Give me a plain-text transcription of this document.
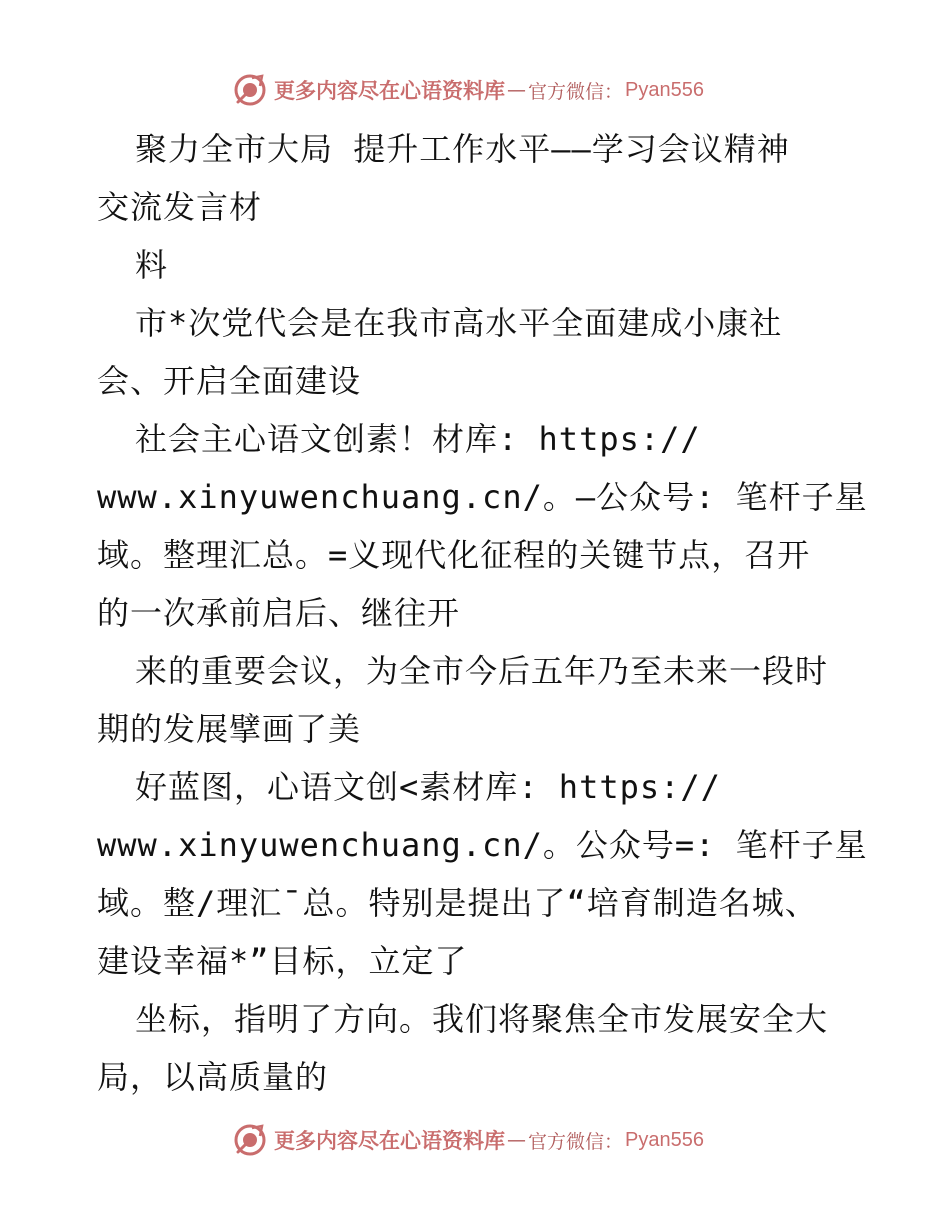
更多内容尽在心语资料库 — 官方微信： Pyan556
聚力全市大局 提升工作水平——学习会议精神
交流发言材
料
市*次党代会是在我市高水平全面建成小康社
会、开启全面建设
社会主心语文创素！材库: https://
www.xinyuwenchuang.cn/。—公众号: 笔杆子星
域。整理汇总。=义现代化征程的关键节点，召开
的一次承前启后、继往开
来的重要会议，为全市今后五年乃至未来一段时
期的发展擘画了美
好蓝图，心语文创<素材库: https://
www.xinyuwenchuang.cn/。公众号=: 笔杆子星
域。整/理汇¯总。特别是提出了“培育制造名城、
建设幸福*”目标，立定了
坐标，指明了方向。我们将聚焦全市发展安全大
局，以高质量的
更多内容尽在心语资料库 — 官方微信： Pyan556
